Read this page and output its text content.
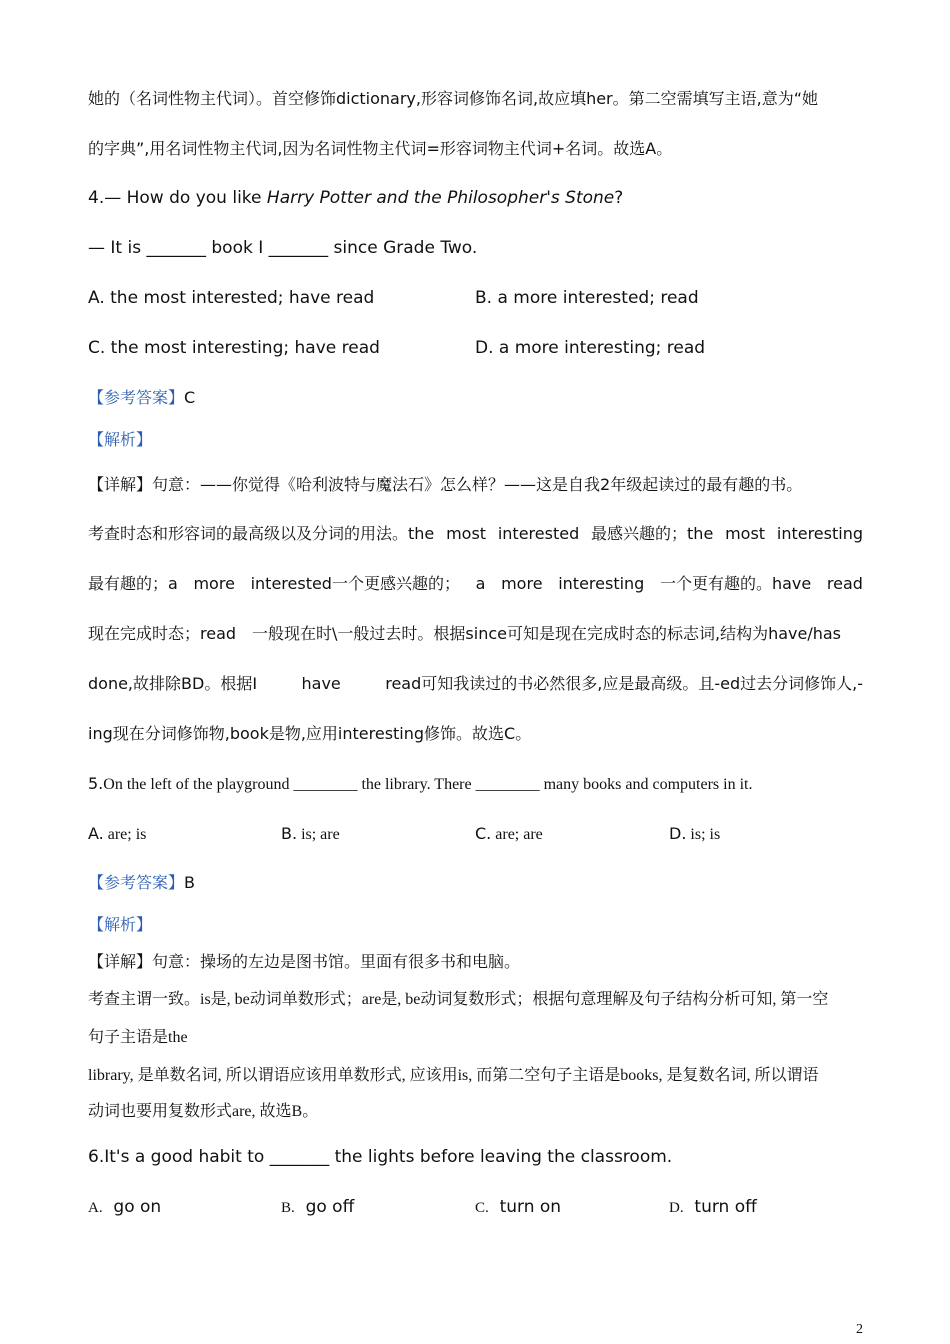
她的（名词性物主代词）。首空修饰dictionary,形容词修饰名词,故应填her。第二空需填写主语,意为“她
的字典”,用名词性物主代词,因为名词性物主代词=形容词物主代词+名词。故选A。
4.— How do you like Harry Potter and the Philosopher's Stone?
— It is _______ book I _______ since Grade Two.
A. the most interested; have read	B. a more interested; read
C. the most interesting; have read	D. a more interesting; read
【参考答案】C
【解析】
【详解】句意：——你觉得《哈利波特与魔法石》怎么样？——这是自我2年级起读过的最有趣的书。
考查时态和形容词的最高级以及分词的用法。the most interested 最感兴趣的；the most interesting
最有趣的；a more interested一个更感兴趣的； a more interesting 一个更有趣的。have read
现在完成时态；read　一般现在时\一般过去时。根据since可知是现在完成时态的标志词,结构为have/has
done,故排除BD。根据I	have	read可知我读过的书必然很多,应是最高级。且-ed过去分词修饰人,-
ing现在分词修饰物,book是物,应用interesting修饰。故选C。
5.On the left of the playground ________ the library. There ________ many books and computers in it.
A. are; is	B. is; are	C. are; are	D. is; is
【参考答案】B
【解析】
【详解】句意：操场的左边是图书馆。里面有很多书和电脑。
考查主谓一致。is是, be动词单数形式；are是, be动词复数形式；根据句意理解及句子结构分析可知, 第一空
句子主语是the
library, 是单数名词, 所以谓语应该用单数形式, 应该用is, 而第二空句子主语是books, 是复数名词, 所以谓语
动词也要用复数形式are, 故选B。
6.It's a good habit to _______ the lights before leaving the classroom.
A. go on	B. go off	C. turn on	D. turn off
2
